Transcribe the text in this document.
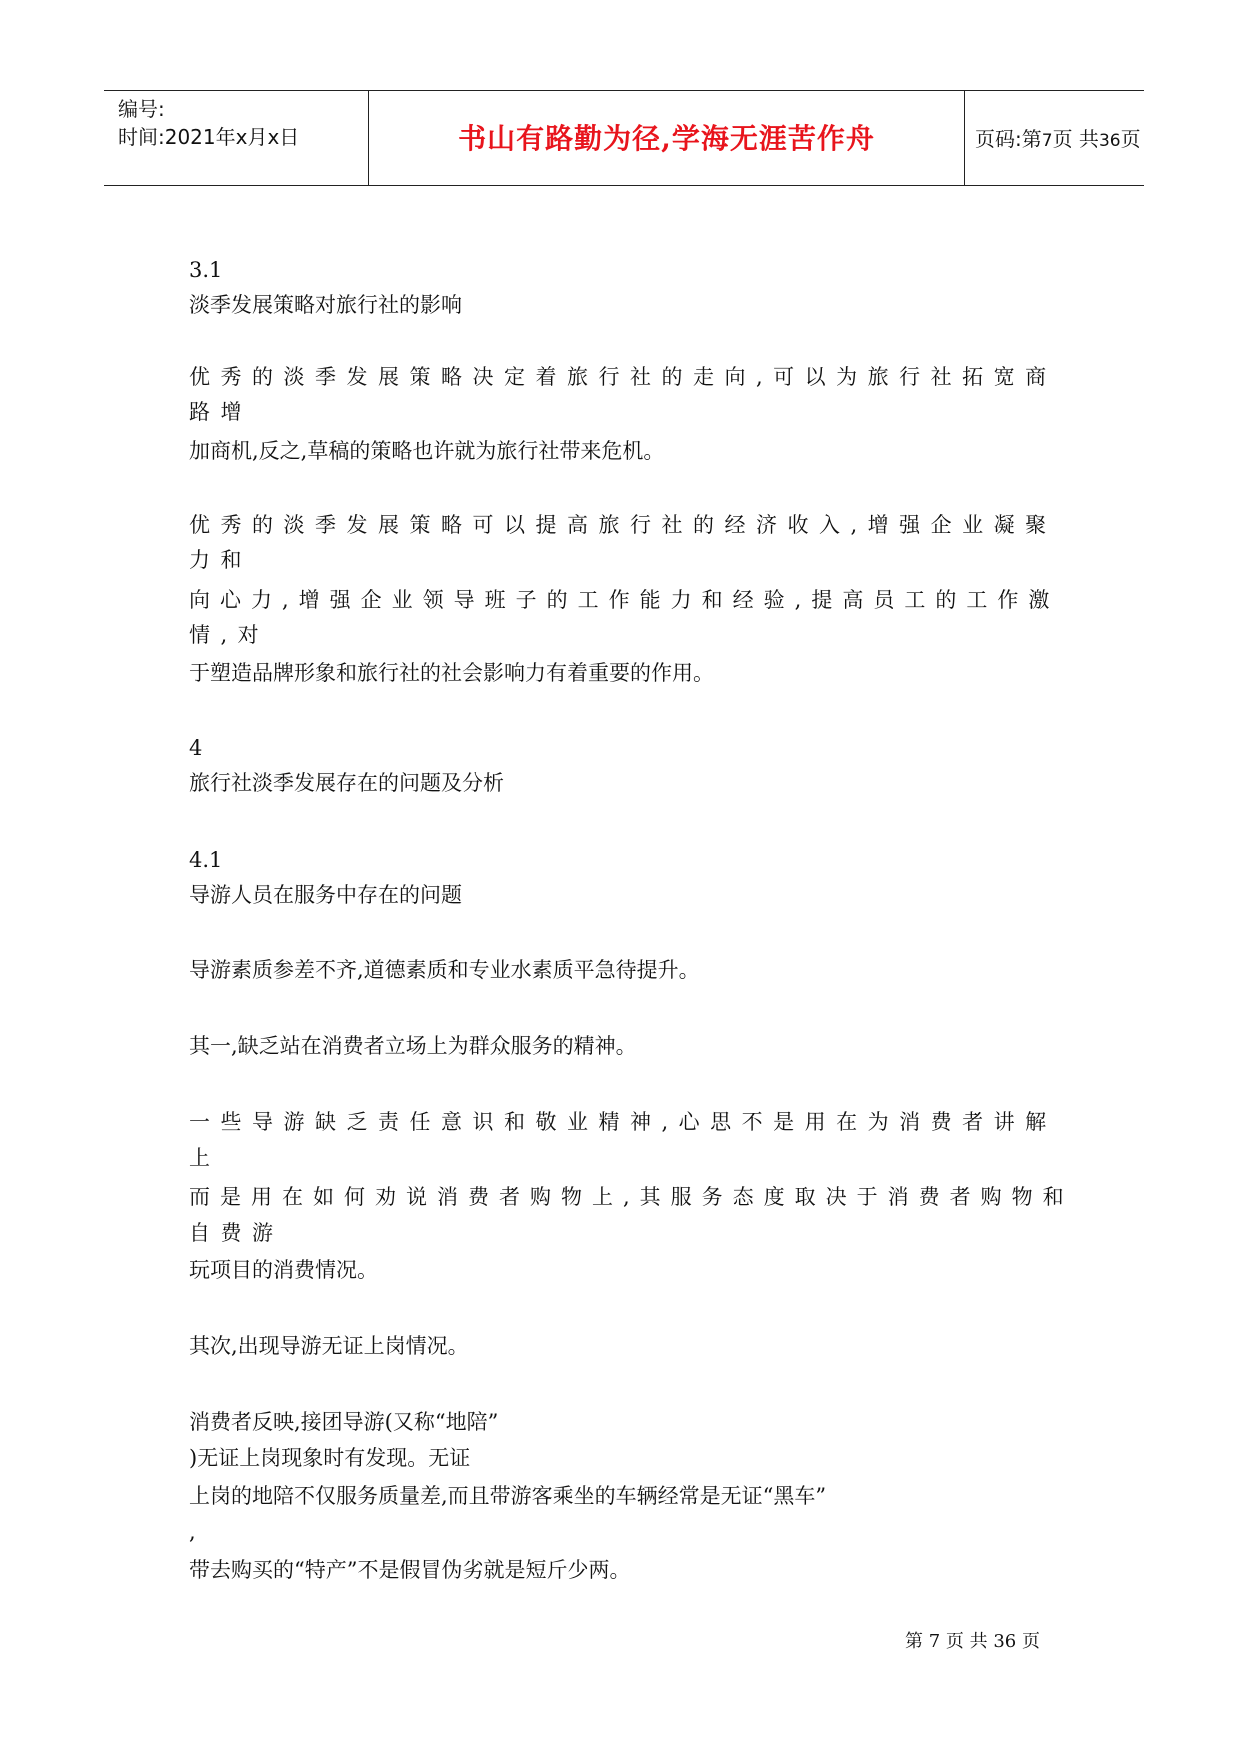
编号:
时间:2021年x月x日	书山有路勤为径,学海无涯苦作舟	页码:第7页 共36页
3.1
淡季发展策略对旅行社的影响
优秀的淡季发展策略决定着旅行社的走向,可以为旅行社拓宽商
路增
加商机,反之,草稿的策略也许就为旅行社带来危机。
优秀的淡季发展策略可以提高旅行社的经济收入,增强企业凝聚
力和
向心力,增强企业领导班子的工作能力和经验,提高员工的工作激
情,对
于塑造品牌形象和旅行社的社会影响力有着重要的作用。
4
旅行社淡季发展存在的问题及分析
4.1
导游人员在服务中存在的问题
导游素质参差不齐,道德素质和专业水素质平急待提升。
其一,缺乏站在消费者立场上为群众服务的精神。
一些导游缺乏责任意识和敬业精神,心思不是用在为消费者讲解
上
而是用在如何劝说消费者购物上,其服务态度取决于消费者购物和
自费游
玩项目的消费情况。
其次,出现导游无证上岗情况。
消费者反映,接团导游(又称“地陪”
)无证上岗现象时有发现。无证
上岗的地陪不仅服务质量差,而且带游客乘坐的车辆经常是无证“黑车”
,
带去购买的“特产”不是假冒伪劣就是短斤少两。
第 7 页 共 36 页
